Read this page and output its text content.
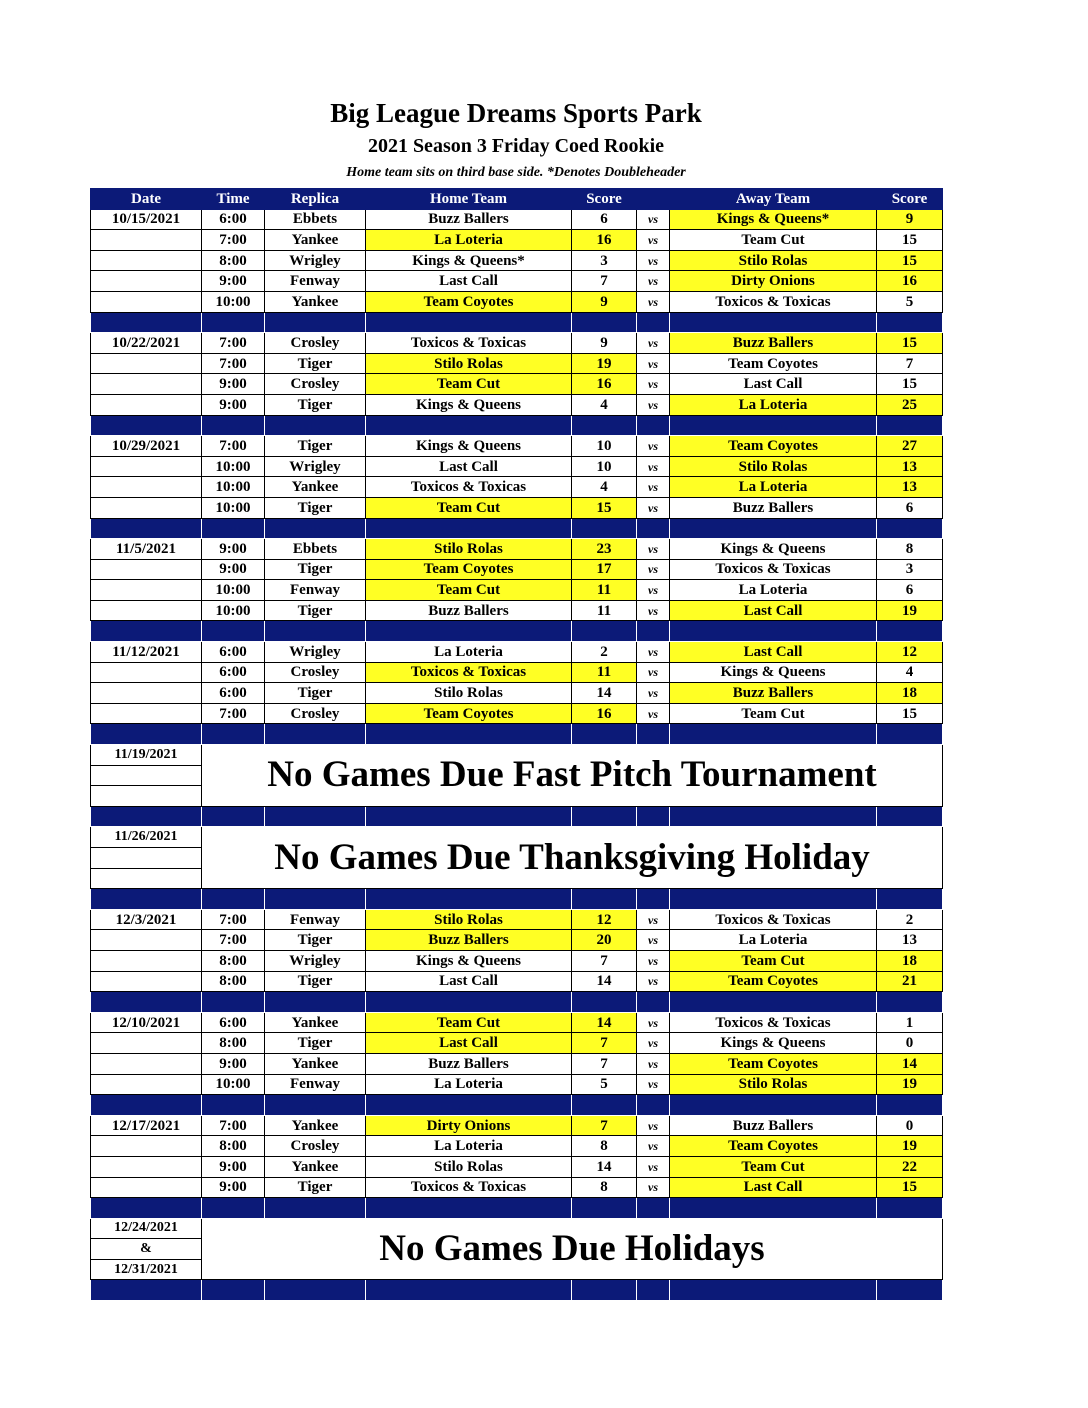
Big League Dreams Sports Park
2021 Season 3 Friday Coed Rookie
Home team sits on third base side. *Denotes Doubleheader
Date	Time	Replica	Home Team	Score		Away Team	Score
10/15/2021	6:00	Ebbets	Buzz Ballers	6	vs	Kings & Queens*	9
	7:00	Yankee	La Loteria	16	vs	Team Cut	15
	8:00	Wrigley	Kings & Queens*	3	vs	Stilo Rolas	15
	9:00	Fenway	Last Call	7	vs	Dirty Onions	16
	10:00	Yankee	Team Coyotes	9	vs	Toxicos & Toxicas	5

10/22/2021	7:00	Crosley	Toxicos & Toxicas	9	vs	Buzz Ballers	15
	7:00	Tiger	Stilo Rolas	19	vs	Team Coyotes	7
	9:00	Crosley	Team Cut	16	vs	Last Call	15
	9:00	Tiger	Kings & Queens	4	vs	La Loteria	25

10/29/2021	7:00	Tiger	Kings & Queens	10	vs	Team Coyotes	27
	10:00	Wrigley	Last Call	10	vs	Stilo Rolas	13
	10:00	Yankee	Toxicos & Toxicas	4	vs	La Loteria	13
	10:00	Tiger	Team Cut	15	vs	Buzz Ballers	6

11/5/2021	9:00	Ebbets	Stilo Rolas	23	vs	Kings & Queens	8
	9:00	Tiger	Team Coyotes	17	vs	Toxicos & Toxicas	3
	10:00	Fenway	Team Cut	11	vs	La Loteria	6
	10:00	Tiger	Buzz Ballers	11	vs	Last Call	19

11/12/2021	6:00	Wrigley	La Loteria	2	vs	Last Call	12
	6:00	Crosley	Toxicos & Toxicas	11	vs	Kings & Queens	4
	6:00	Tiger	Stilo Rolas	14	vs	Buzz Ballers	18
	7:00	Crosley	Team Coyotes	16	vs	Team Cut	15

11/19/2021	No Games Due Fast Pitch Tournament						

11/26/2021	No Games Due Thanksgiving Holiday						

12/3/2021	7:00	Fenway	Stilo Rolas	12	vs	Toxicos & Toxicas	2
	7:00	Tiger	Buzz Ballers	20	vs	La Loteria	13
	8:00	Wrigley	Kings & Queens	7	vs	Team Cut	18
	8:00	Tiger	Last Call	14	vs	Team Coyotes	21

12/10/2021	6:00	Yankee	Team Cut	14	vs	Toxicos & Toxicas	1
	8:00	Tiger	Last Call	7	vs	Kings & Queens	0
	9:00	Yankee	Buzz Ballers	7	vs	Team Coyotes	14
	10:00	Fenway	La Loteria	5	vs	Stilo Rolas	19

12/17/2021	7:00	Yankee	Dirty Onions	7	vs	Buzz Ballers	0
	8:00	Crosley	La Loteria	8	vs	Team Coyotes	19
	9:00	Yankee	Stilo Rolas	14	vs	Team Cut	22
	9:00	Tiger	Toxicos & Toxicas	8	vs	Last Call	15

12/24/2021	No Games Due Holidays						
&							
12/31/2021							
